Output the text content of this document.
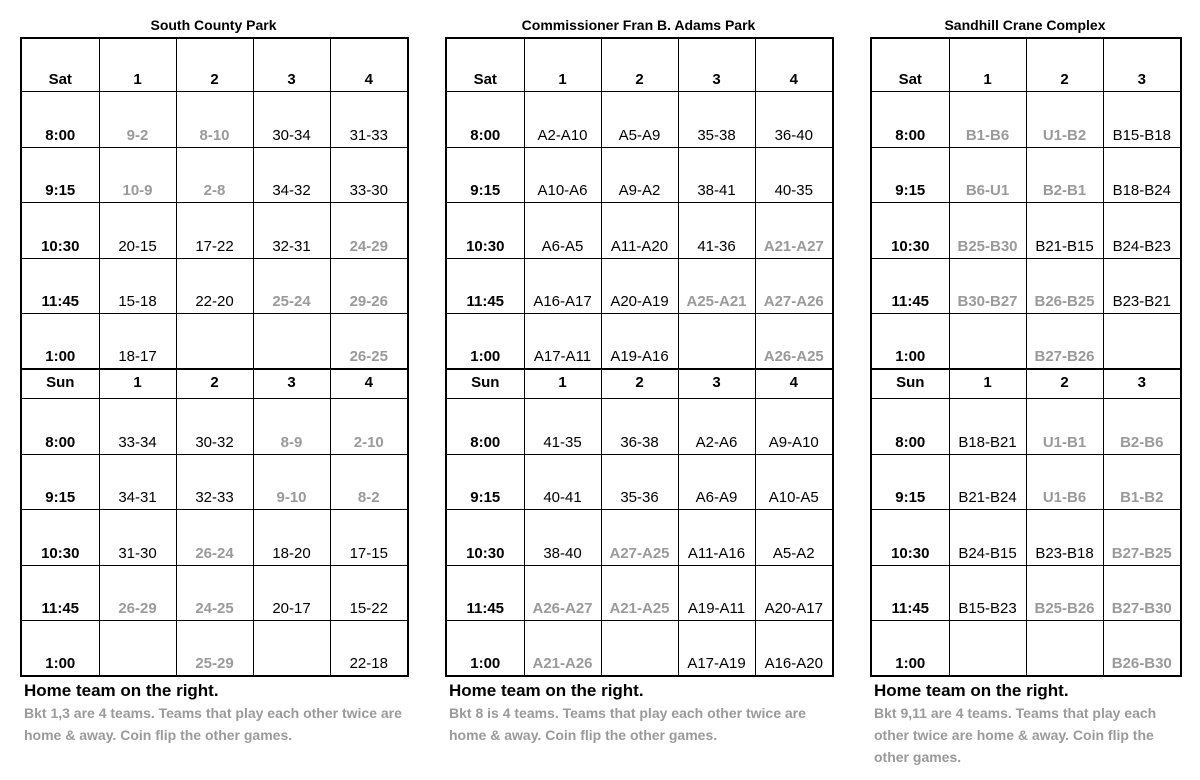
South County Park
Sat	1	2	3	4
8:00	9-2	8-10	30-34	31-33
9:15	10-9	2-8	34-32	33-30
10:30	20-15	17-22	32-31	24-29
11:45	15-18	22-20	25-24	29-26
1:00	18-17			26-25
Sun	1	2	3	4
8:00	33-34	30-32	8-9	2-10
9:15	34-31	32-33	9-10	8-2
10:30	31-30	26-24	18-20	17-15
11:45	26-29	24-25	20-17	15-22
1:00		25-29		22-18
Home team on the right.
Bkt 1,3 are 4 teams. Teams that play each other twice are home & away. Coin flip the other games.
Commissioner Fran B. Adams Park
Sat	1	2	3	4
8:00	A2-A10	A5-A9	35-38	36-40
9:15	A10-A6	A9-A2	38-41	40-35
10:30	A6-A5	A11-A20	41-36	A21-A27
11:45	A16-A17	A20-A19	A25-A21	A27-A26
1:00	A17-A11	A19-A16		A26-A25
Sun	1	2	3	4
8:00	41-35	36-38	A2-A6	A9-A10
9:15	40-41	35-36	A6-A9	A10-A5
10:30	38-40	A27-A25	A11-A16	A5-A2
11:45	A26-A27	A21-A25	A19-A11	A20-A17
1:00	A21-A26		A17-A19	A16-A20
Home team on the right.
Bkt 8 is 4 teams. Teams that play each other twice are home & away. Coin flip the other games.
Sandhill Crane Complex
Sat	1	2	3
8:00	B1-B6	U1-B2	B15-B18
9:15	B6-U1	B2-B1	B18-B24
10:30	B25-B30	B21-B15	B24-B23
11:45	B30-B27	B26-B25	B23-B21
1:00		B27-B26	
Sun	1	2	3
8:00	B18-B21	U1-B1	B2-B6
9:15	B21-B24	U1-B6	B1-B2
10:30	B24-B15	B23-B18	B27-B25
11:45	B15-B23	B25-B26	B27-B30
1:00			B26-B30
Home team on the right.
Bkt 9,11 are 4 teams. Teams that play each other twice are home & away. Coin flip the other games.
